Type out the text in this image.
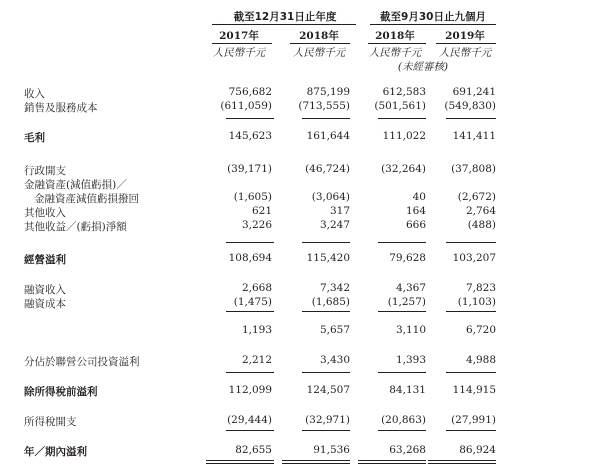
截至12月31日止年度	截至9月30日止九個月
2017年	2018年	2018年	2019年
人民幣千元	人民幣千元	人民幣千元	人民幣千元
(未經審核)
收入	756,682	875,199	612,583	691,241
銷售及服務成本	(611,059)	(713,555)	(501,561)	(549,830)
毛利	145,623	161,644	111,022	141,411
行政開支	(39,171)	(46,724)	(32,264)	(37,808)
金融資產(減值虧損)／
金融資產減值虧損撥回	(1,605)	(3,064)	40	(2,672)
其他收入	621	317	164	2,764
其他收益／(虧損)淨額	3,226	3,247	666	(488)
經營溢利	108,694	115,420	79,628	103,207
融資收入	2,668	7,342	4,367	7,823
融資成本	(1,475)	(1,685)	(1,257)	(1,103)
1,193	5,657	3,110	6,720
分佔於聯營公司投資溢利	2,212	3,430	1,393	4,988
除所得稅前溢利	112,099	124,507	84,131	114,915
所得稅開支	(29,444)	(32,971)	(20,863)	(27,991)
年／期內溢利	82,655	91,536	63,268	86,924
